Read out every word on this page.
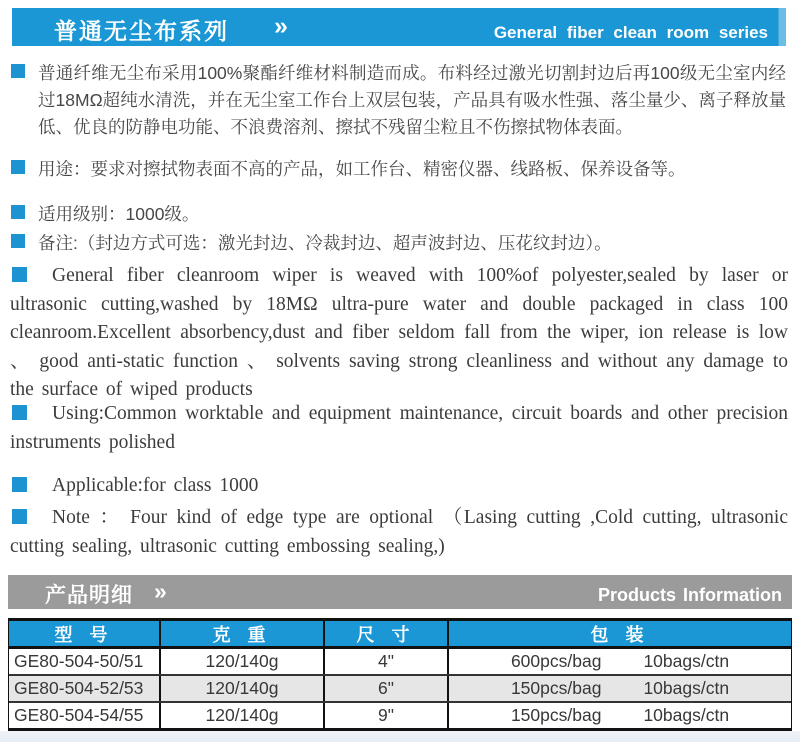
普通无尘布系列 »	General fiber clean room series
普通纤维无尘布采用100%聚酯纤维材料制造而成。布料经过激光切割封边后再100级无尘室内经过18MΩ超纯水清洗，并在无尘室工作台上双层包装，产品具有吸水性强、落尘量少、离子释放量低、优良的防静电功能、不浪费溶剂、擦拭不残留尘粒且不伤擦拭物体表面。
用途：要求对擦拭物表面不高的产品，如工作台、精密仪器、线路板、保养设备等。
适用级别：1000级。
备注:（封边方式可选：激光封边、冷裁封边、超声波封边、压花纹封边）。
General fiber cleanroom wiper is weaved with 100%of polyester,sealed by laser or ultrasonic cutting,washed by 18MΩ ultra-pure water and double packaged in class 100 cleanroom.Excellent absorbency,dust and fiber seldom fall from the wiper, ion release is low 、 good anti-static function 、 solvents saving strong cleanliness and without any damage to the surface of wiped products
Using:Common worktable and equipment maintenance, circuit boards and other precision instruments polished
Applicable:for class 1000
Note ： Four kind of edge type are optional （Lasing cutting ,Cold cutting, ultrasonic cutting sealing, ultrasonic cutting embossing sealing,)
产品明细 »	Products Information
型 号	克 重	尺 寸	包 装
GE80-504-50/51	120/140g	4"	600pcs/bag 10bags/ctn
GE80-504-52/53	120/140g	6"	150pcs/bag 10bags/ctn
GE80-504-54/55	120/140g	9"	150pcs/bag 10bags/ctn
